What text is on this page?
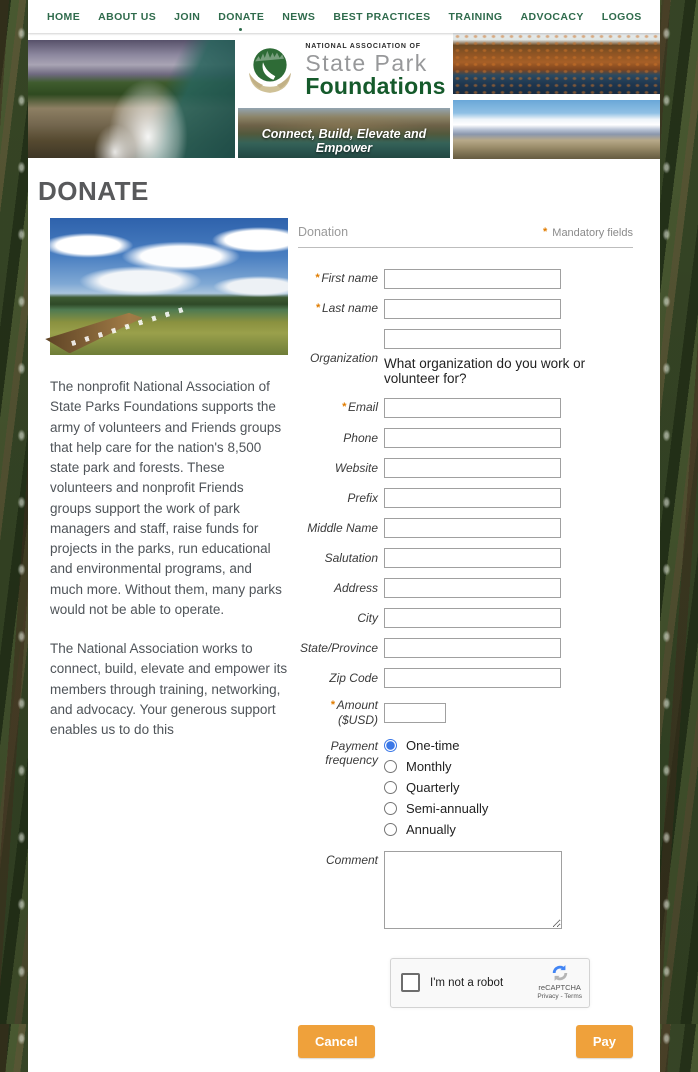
HOME	ABOUT US	JOIN	DONATE	NEWS	BEST PRACTICES	TRAINING	ADVOCACY	LOGOS
NATIONAL ASSOCIATION OF
State Park
Foundations
Connect, Build, Elevate and Empower
DONATE

The nonprofit National Association of State Parks Foundations supports the army of volunteers and Friends groups that help care for the nation's 8,500 state park and forests. These volunteers and nonprofit Friends groups support the work of park managers and staff, raise funds for projects in the parks, run educational and environmental programs, and much more. Without them, many parks would not be able to operate.

The National Association works to connect, build, elevate and empower its members through training, networking, and advocacy. Your generous support enables us to do this

Donation	* Mandatory fields
* First name
* Last name
Organization What organization do you work or volunteer for?
* Email
Phone
Website
Prefix
Middle Name
Salutation
Address
City
State/Province
Zip Code
* Amount ($USD)
Payment frequency
One-time
Monthly
Quarterly
Semi-annually
Annually
Comment
I'm not a robot	reCAPTCHA
Privacy - Terms
Cancel	Pay
